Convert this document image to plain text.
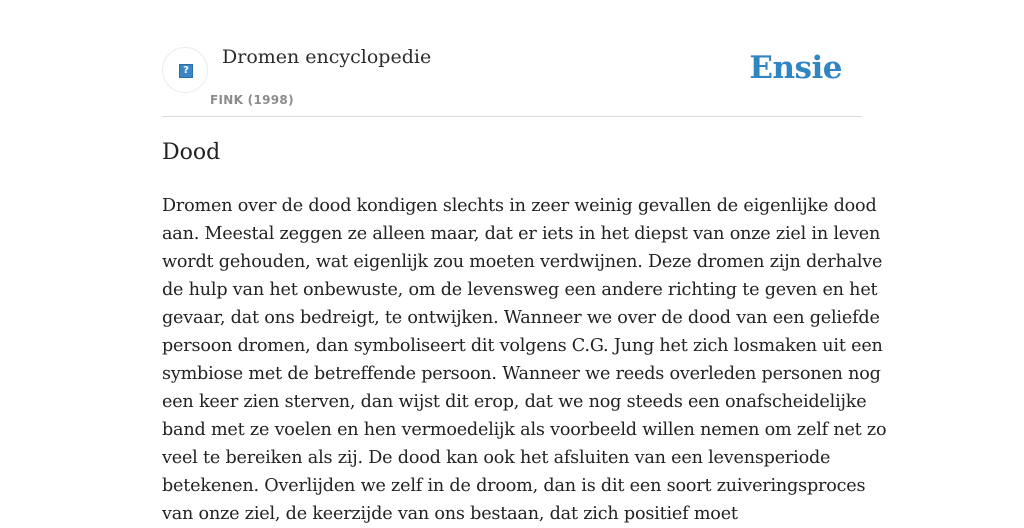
?
Dromen encyclopedie
FINK (1998)
Ensie
Dood
Dromen over de dood kondigen slechts in zeer weinig gevallen de eigenlijke dood
aan. Meestal zeggen ze alleen maar, dat er iets in het diepst van onze ziel in leven
wordt gehouden, wat eigenlijk zou moeten verdwijnen. Deze dromen zijn derhalve
de hulp van het onbewuste, om de levensweg een andere richting te geven en het
gevaar, dat ons bedreigt, te ontwijken. Wanneer we over de dood van een geliefde
persoon dromen, dan symboliseert dit volgens C.G. Jung het zich losmaken uit een
symbiose met de betreffende persoon. Wanneer we reeds overleden personen nog
een keer zien sterven, dan wijst dit erop, dat we nog steeds een onafscheidelijke
band met ze voelen en hen vermoedelijk als voorbeeld willen nemen om zelf net zo
veel te bereiken als zij. De dood kan ook het afsluiten van een levensperiode
betekenen. Overlijden we zelf in de droom, dan is dit een soort zuiveringsproces
van onze ziel, de keerzijde van ons bestaan, dat zich positief moet
